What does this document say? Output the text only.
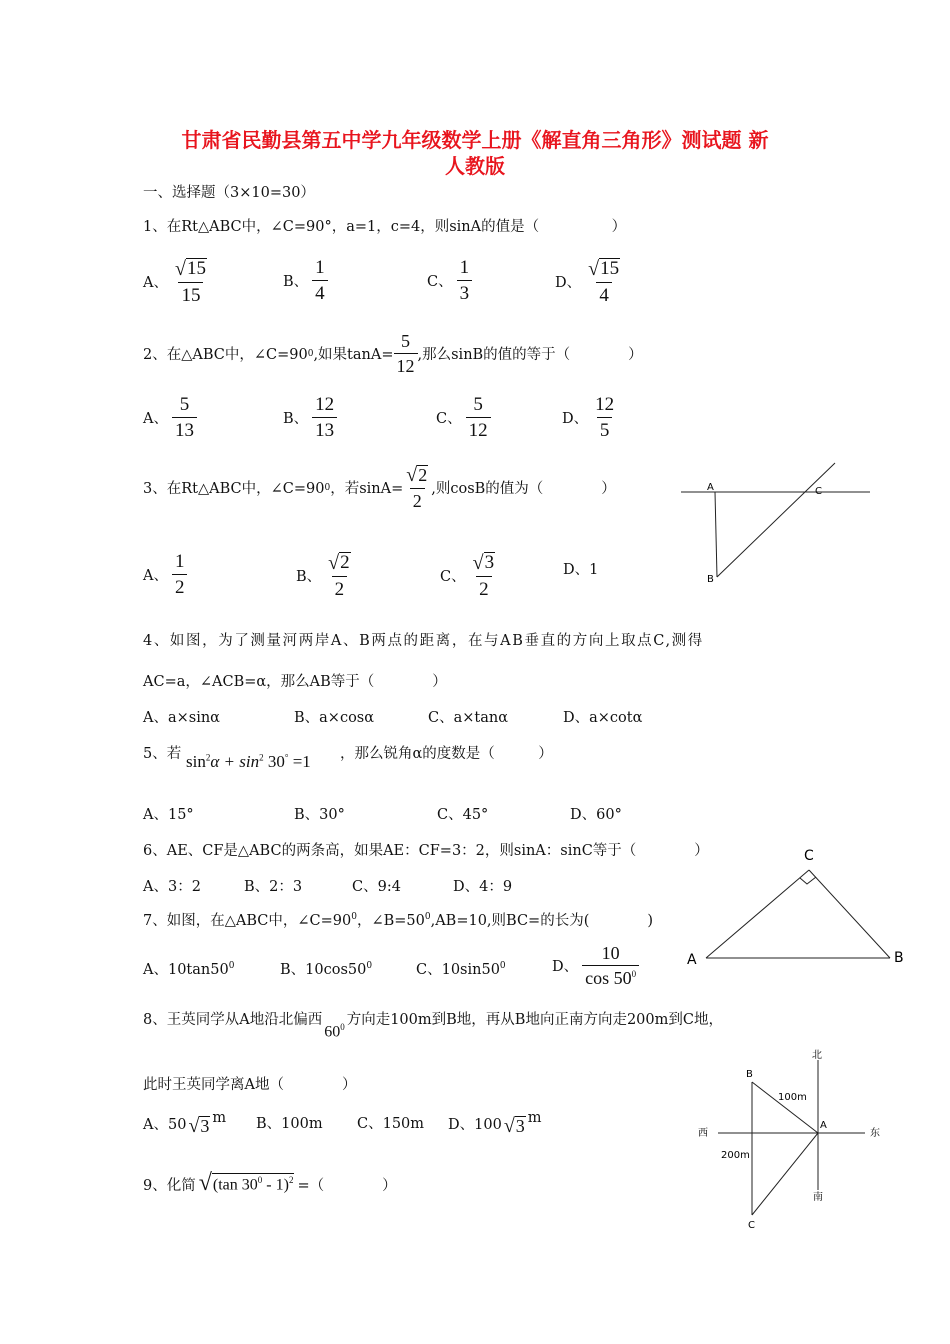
甘肃省民勤县第五中学九年级数学上册《解直角三角形》测试题 新
人教版
一、选择题（3×10=30）
1、在Rt△ABC中，∠C=90°，a=1，c=4，则sinA的值是（　　　　　）
A、 $\frac{√ 15}{15}$	B、 $\frac{1}{4}$	C、 $\frac{1}{3}$	D、 $\frac{√ 15}{4}$
2、在△ABC中，∠C=90 0 ,如果$\tan A= \frac{5}{12}$ ,那么sinB的值的等于（　　　　）
A、 $\frac{5}{13}$	B、 $\frac{12}{13}$	C、 $\frac{5}{12}$	D、 $\frac{12}{5}$
3、在Rt△ABC中，∠C=90 0 ，若$\sin A= \frac{√ 2}{2}$ ,则cosB的值为（　　　　）	A	C
B
A、 $\frac{1}{2}$	B、 $\frac{√ 2}{2}$	C、 $\frac{√ 3}{2}$	D、1
4、如图，为了测量河两岸A、B两点的距离，在与AB垂直的方向上取点C,测得
AC=a，∠ACB=α，那么AB等于（　　　　）
A、a×sinα	B、a×cosα	C、a×tanα	D、a×cotα
5、若 $\sin^2\alpha + \sin^2 30^\circ =1$ ，那么锐角α的度数是（　　　）
A、15°	B、30°	C、45°	D、60°
6、AE、CF是△ABC的两条高，如果AE：CF=3：2，则sinA：sinC等于（　　　　）
A、3：2	B、2：3	C、9:4	D、4：9
C
A	B
7、如图，在△ABC中，$\angle C=90^0$，$\angle B=50^0,AB=10$,则BC=的长为(　　　　)
A、$10\tan 50^0$	B、$10\cos 50^0$	C、$10\sin 50^0$	D、 $\frac{10}{\cos 50^0}$
8、王英同学从A地沿北偏西$60^0$ 方向走100m到B地，再从B地向正南方向走200m到C地，
此时王英同学离A地（　　　　）
A、50 √ 3 m B、100m C、150m D、100 √ 3 m
北
南
西	东
B
A
C
100m
200m
9、化简 √ (tan $30^0 - 1)^2$ =（　　　　）
